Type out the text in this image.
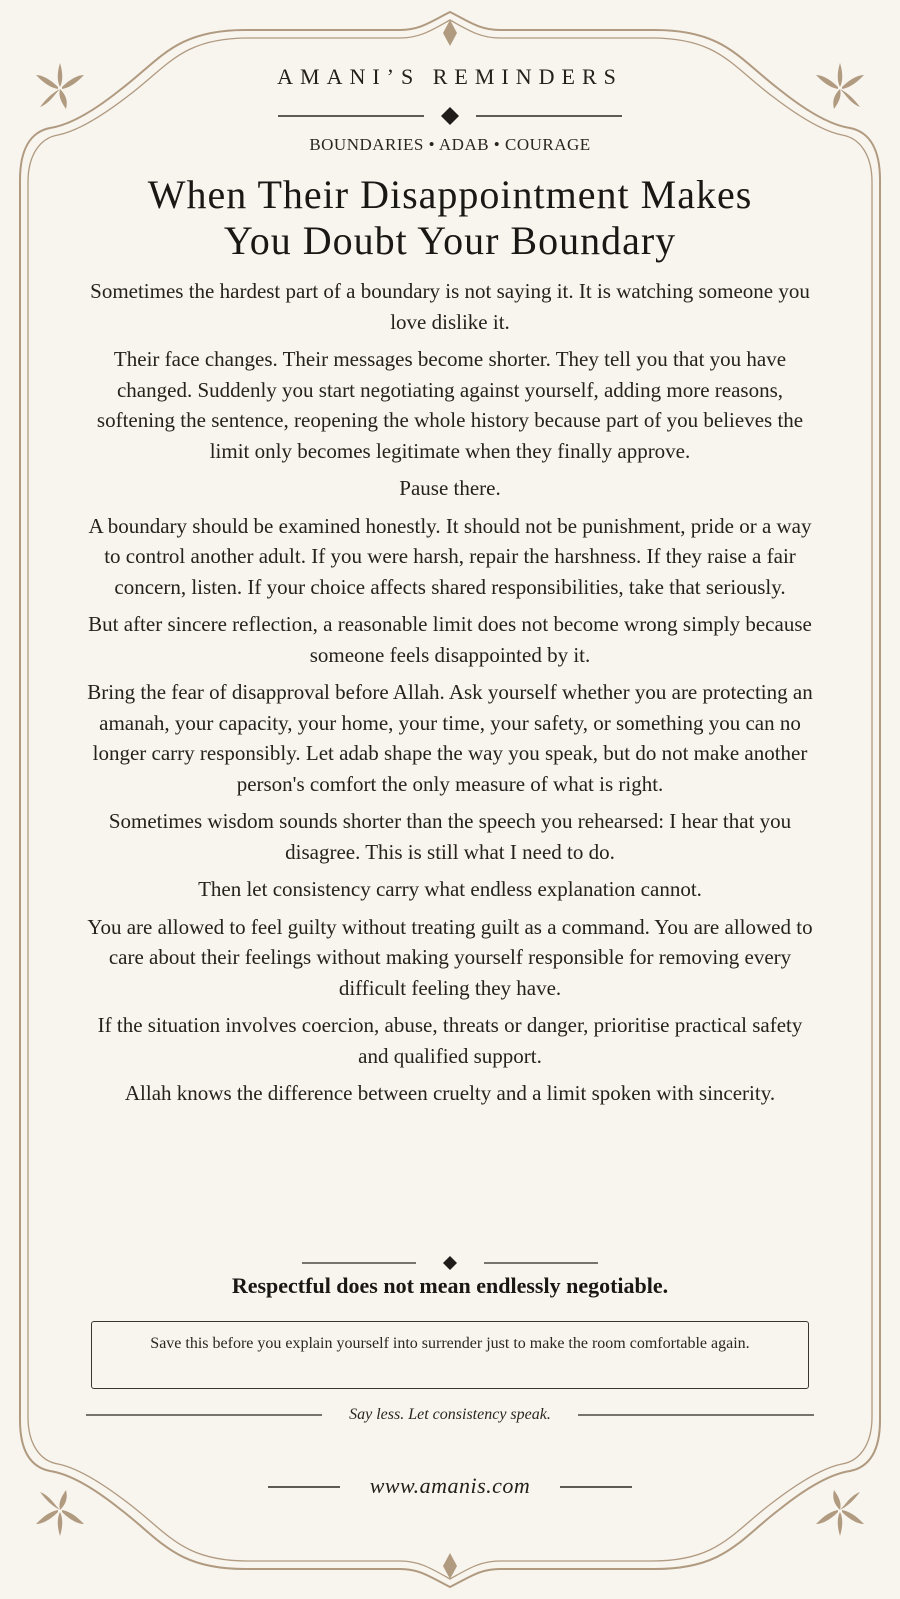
AMANI’S REMINDERS
BOUNDARIES • ADAB • COURAGE
When Their Disappointment Makes
You Doubt Your Boundary

Sometimes the hardest part of a boundary is not saying it. It is watching someone you love dislike it.

Their face changes. Their messages become shorter. They tell you that you have changed. Suddenly you start negotiating against yourself, adding more reasons, softening the sentence, reopening the whole history because part of you believes the limit only becomes legitimate when they finally approve.

Pause there.

A boundary should be examined honestly. It should not be punishment, pride or a way to control another adult. If you were harsh, repair the harshness. If they raise a fair concern, listen. If your choice affects shared responsibilities, take that seriously.

But after sincere reflection, a reasonable limit does not become wrong simply because someone feels disappointed by it.

Bring the fear of disapproval before Allah. Ask yourself whether you are protecting an amanah, your capacity, your home, your time, your safety, or something you can no longer carry responsibly. Let adab shape the way you speak, but do not make another person's comfort the only measure of what is right.

Sometimes wisdom sounds shorter than the speech you rehearsed: I hear that you disagree. This is still what I need to do.

Then let consistency carry what endless explanation cannot.

You are allowed to feel guilty without treating guilt as a command. You are allowed to care about their feelings without making yourself responsible for removing every difficult feeling they have.

If the situation involves coercion, abuse, threats or danger, prioritise practical safety and qualified support.

Allah knows the difference between cruelty and a limit spoken with sincerity.

Respectful does not mean endlessly negotiable.
Save this before you explain yourself into surrender just to make the room comfortable again.
Say less. Let consistency speak.
www.amanis.com
